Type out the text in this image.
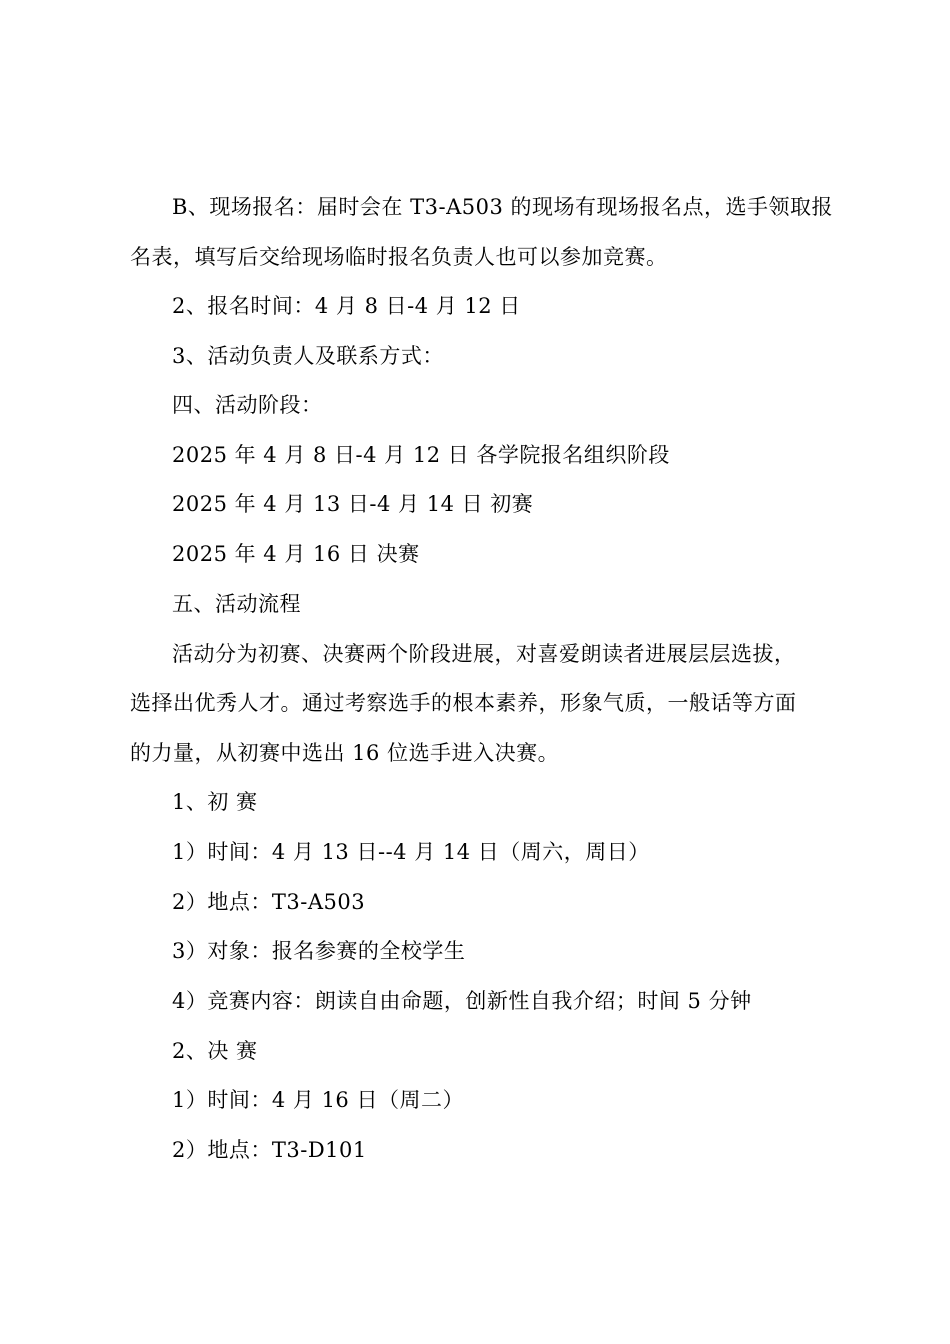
B、现场报名：届时会在 T3-A503 的现场有现场报名点，选手领取报
名表，填写后交给现场临时报名负责人也可以参加竞赛。
2、报名时间：4 月 8 日-4 月 12 日
3、活动负责人及联系方式：
四、活动阶段：
2025 年 4 月 8 日-4 月 12 日 各学院报名组织阶段
2025 年 4 月 13 日-4 月 14 日 初赛
2025 年 4 月 16 日 决赛
五、活动流程
活动分为初赛、决赛两个阶段进展，对喜爱朗读者进展层层选拔，
选择出优秀人才。通过考察选手的根本素养，形象气质，一般话等方面
的力量，从初赛中选出 16 位选手进入决赛。
1、初 赛
1）时间：4 月 13 日--4 月 14 日（周六，周日）
2）地点：T3-A503
3）对象：报名参赛的全校学生
4）竞赛内容：朗读自由命题，创新性自我介绍；时间 5 分钟
2、决 赛
1）时间：4 月 16 日（周二）
2）地点：T3-D101
